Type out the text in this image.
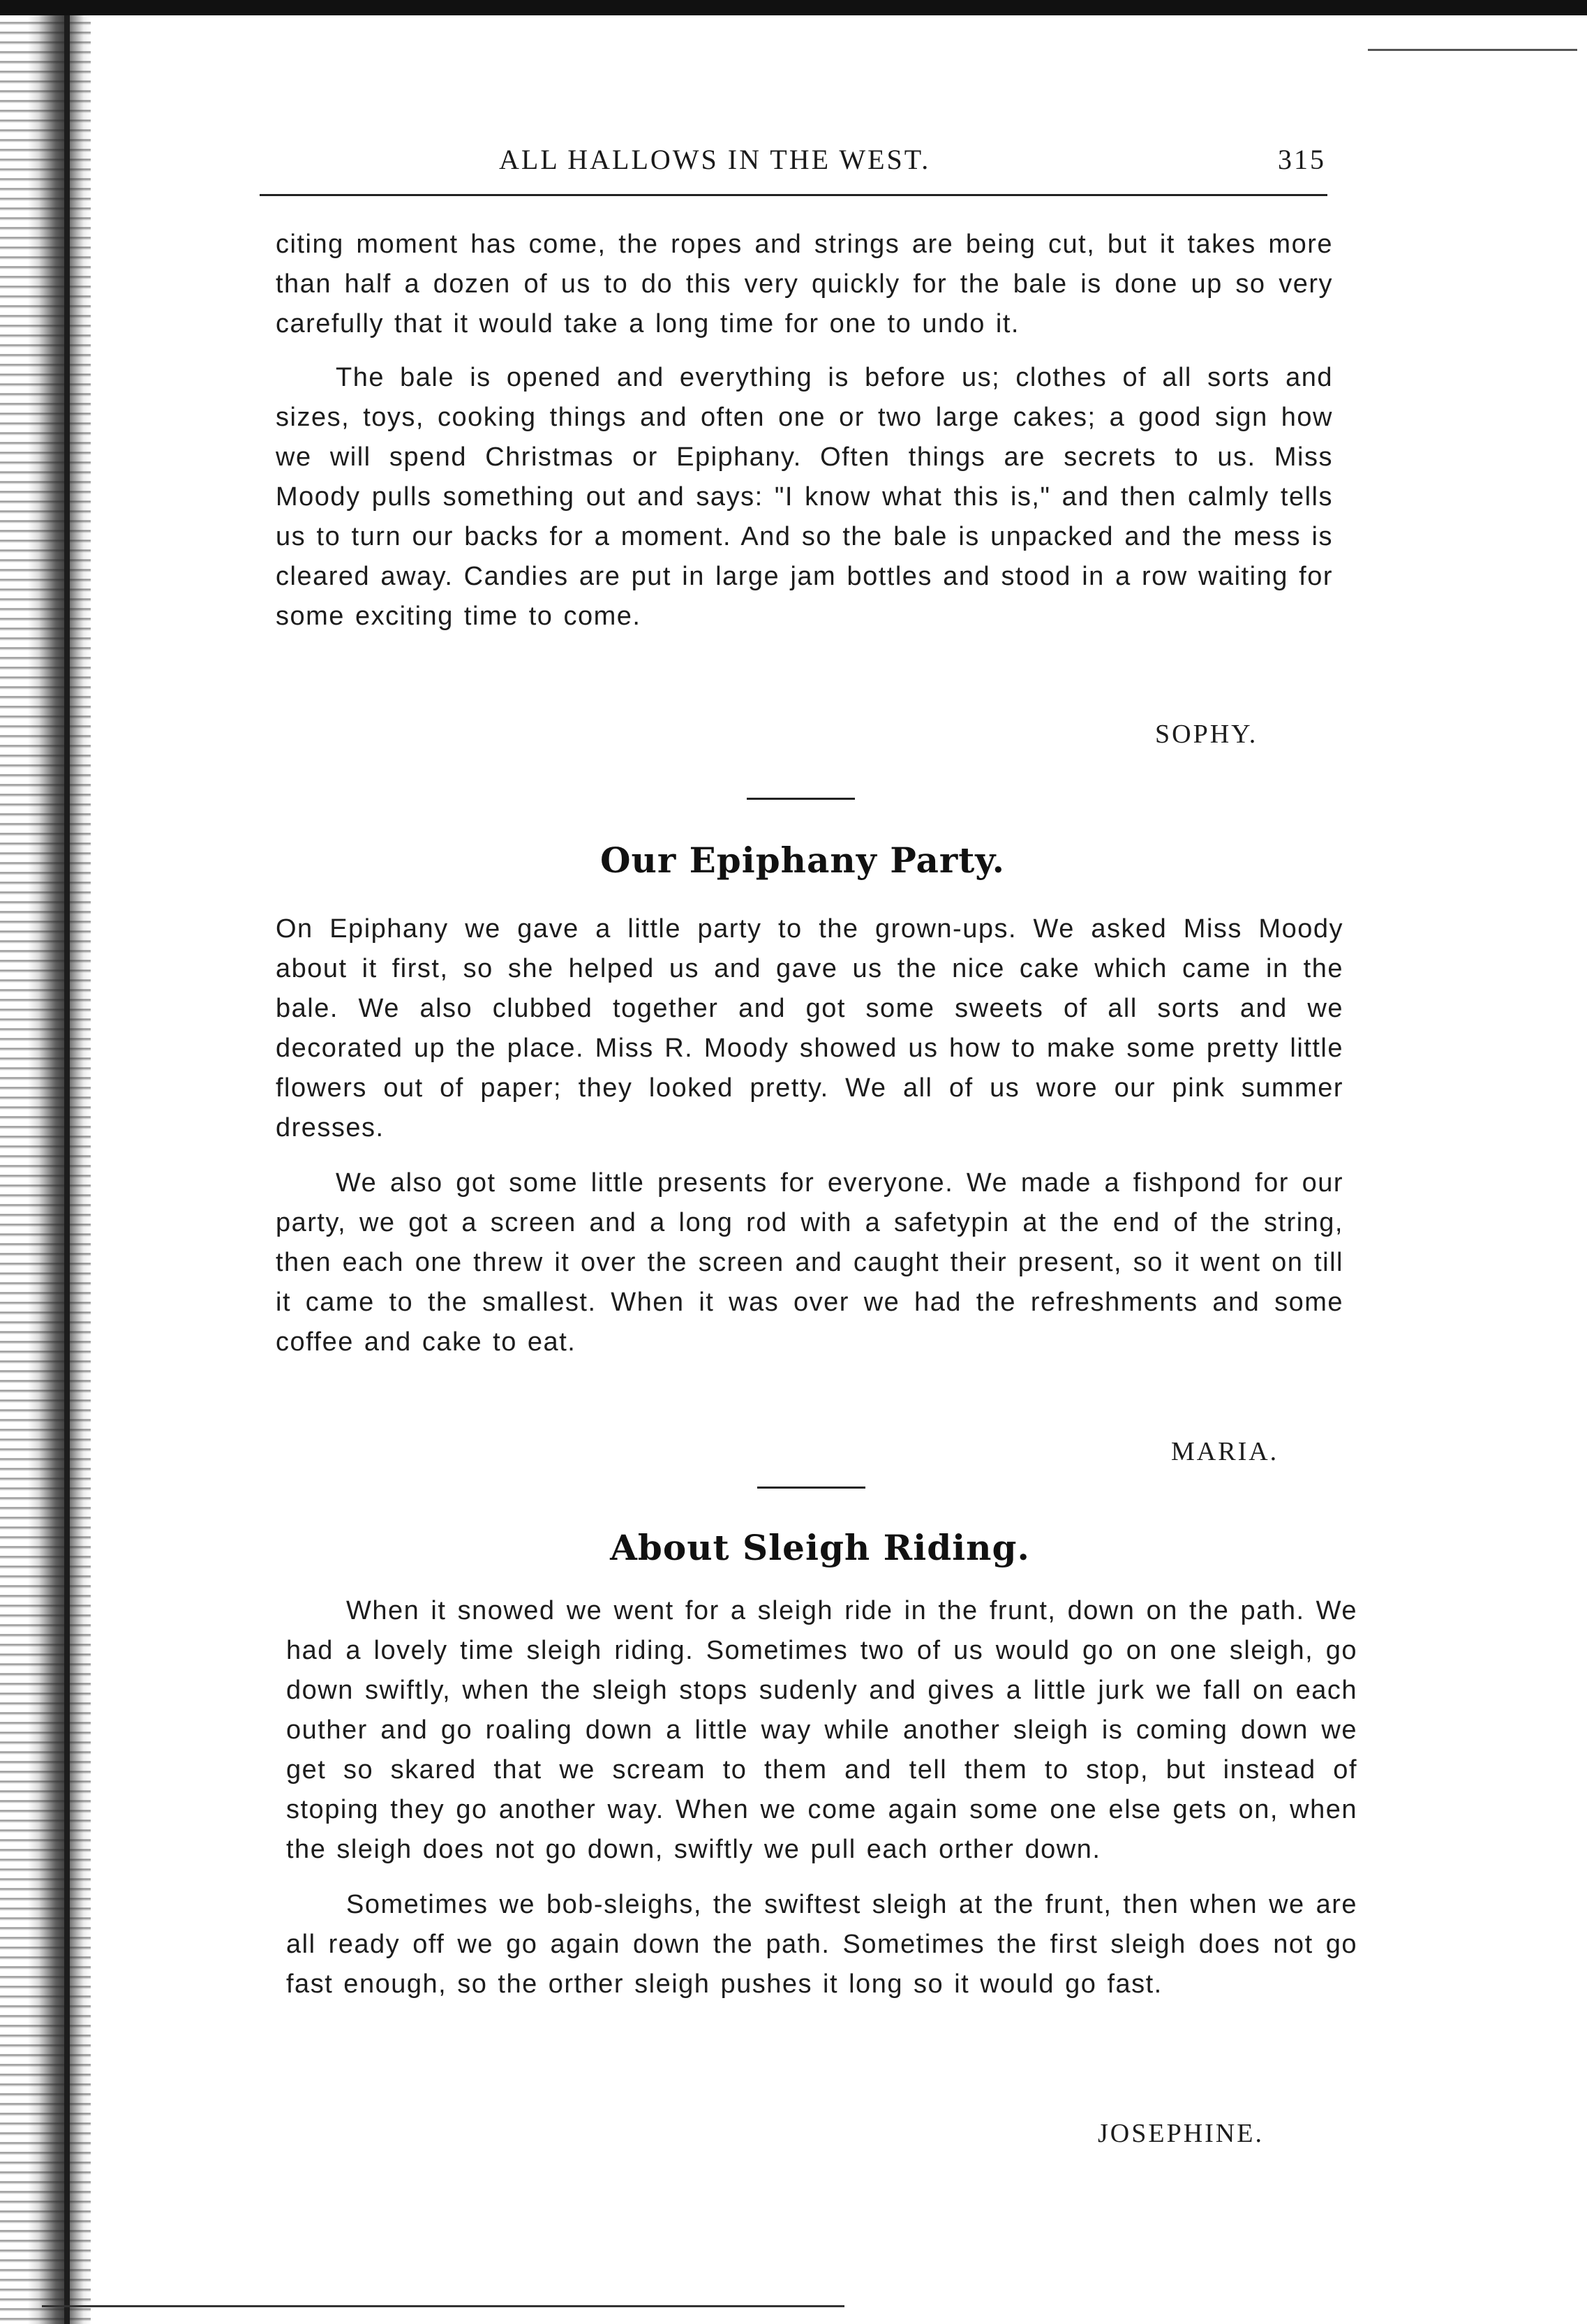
ALL HALLOWS IN THE WEST.	315

citing moment has come, the ropes and strings are being cut, but it takes more than half a dozen of us to do this very quickly for the bale is done up so very carefully that it would take a long time for one to undo it.

The bale is opened and everything is before us; clothes of all sorts and sizes, toys, cooking things and often one or two large cakes; a good sign how we will spend Christmas or Epiphany. Often things are secrets to us. Miss Moody pulls something out and says: "I know what this is," and then calmly tells us to turn our backs for a moment. And so the bale is unpacked and the mess is cleared away. Candies are put in large jam bottles and stood in a row waiting for some exciting time to come.

SOPHY.
Our Epiphany Party.

On Epiphany we gave a little party to the grown-ups. We asked Miss Moody about it first, so she helped us and gave us the nice cake which came in the bale. We also clubbed together and got some sweets of all sorts and we decorated up the place. Miss R. Moody showed us how to make some pretty little flowers out of paper; they looked pretty. We all of us wore our pink summer dresses.

We also got some little presents for everyone. We made a fishpond for our party, we got a screen and a long rod with a safetypin at the end of the string, then each one threw it over the screen and caught their present, so it went on till it came to the smallest. When it was over we had the refreshments and some coffee and cake to eat.

MARIA.
About Sleigh Riding.

When it snowed we went for a sleigh ride in the frunt, down on the path. We had a lovely time sleigh riding. Sometimes two of us would go on one sleigh, go down swiftly, when the sleigh stops sudenly and gives a little jurk we fall on each outher and go roaling down a little way while another sleigh is coming down we get so skared that we scream to them and tell them to stop, but instead of stoping they go another way. When we come again some one else gets on, when the sleigh does not go down, swiftly we pull each orther down.

Sometimes we bob-sleighs, the swiftest sleigh at the frunt, then when we are all ready off we go again down the path. Sometimes the first sleigh does not go fast enough, so the orther sleigh pushes it long so it would go fast.

JOSEPHINE.
